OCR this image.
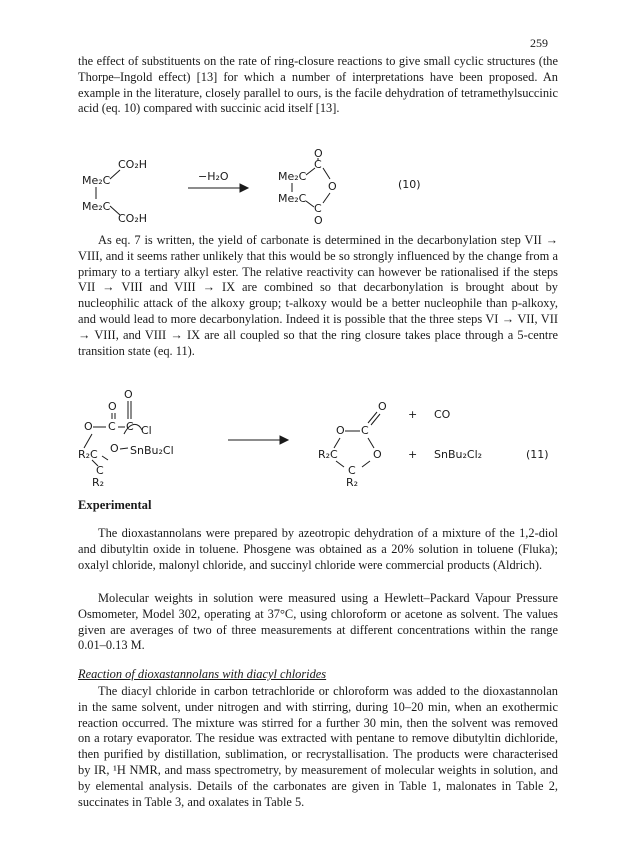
259

the effect of substituents on the rate of ring-closure reactions to give small cyclic structures (the Thorpe–Ingold effect) [13] for which a number of interpretations have been proposed. An example in the literature, closely parallel to ours, is the facile dehydration of tetramethylsuccinic acid (eq. 10) compared with succinic acid itself [13].

Me₂C
CO₂H
Me₂C
CO₂H
−H₂O	Me₂C
C
O
O
C
O
Me₂C
(10)

As eq. 7 is written, the yield of carbonate is determined in the decarbonylation step VII → VIII, and it seems rather unlikely that this would be so strongly influenced by the change from a primary to a tertiary alkyl ester. The relative reactivity can however be rationalised if the steps VII → VIII and VIII → IX are combined so that decarbonylation is brought about by nucleophilic attack of the alkoxy group; t-alkoxy would be a better nucleophile than p-alkoxy, and would lead to more decarbonylation. Indeed it is possible that the three steps VI → VII, VII → VIII, and VIII → IX are all coupled so that the ring closure takes place through a 5-centre transition state (eq. 11).

O
O
O C C Cl
R₂C O SnBu₂Cl
C
R₂
O
O C
R₂C	O
C
R₂
+ CO
+ SnBu₂Cl₂	(11)
Experimental

The dioxastannolans were prepared by azeotropic dehydration of a mixture of the 1,2-diol and dibutyltin oxide in toluene. Phosgene was obtained as a 20% solution in toluene (Fluka); oxalyl chloride, malonyl chloride, and succinyl chloride were commercial products (Aldrich).

Molecular weights in solution were measured using a Hewlett–Packard Vapour Pressure Osmometer, Model 302, operating at 37°C, using chloroform or acetone as solvent. The values given are averages of two of three measurements at different concentrations within the range 0.01–0.13 M.

Reaction of dioxastannolans with diacyl chlorides

The diacyl chloride in carbon tetrachloride or chloroform was added to the dioxastannolan in the same solvent, under nitrogen and with stirring, during 10–20 min, when an exothermic reaction occurred. The mixture was stirred for a further 30 min, then the solvent was removed on a rotary evaporator. The residue was extracted with pentane to remove dibutyltin dichloride, then purified by distillation, sublimation, or recrystallisation. The products were characterised by IR, ¹H NMR, and mass spectrometry, by measurement of molecular weights in solution, and by elemental analysis. Details of the carbonates are given in Table 1, malonates in Table 2, succinates in Table 3, and oxalates in Table 5.
